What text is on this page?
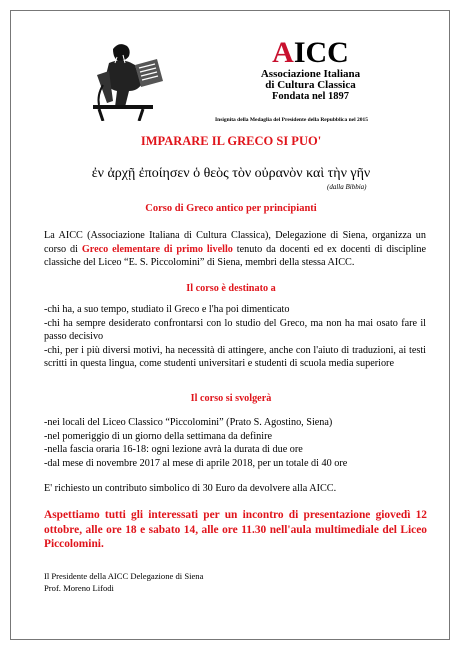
AICC
Associazione Italiana
di Cultura Classica
Fondata nel 1897
Insignita della Medaglia del Presidente della Repubblica nel 2015
IMPARARE IL GRECO SI PUO'
ἐν ἀρχῇ ἐποίησεν ὁ θεὸς τὸν οὐρανὸν καὶ τὴν γῆν
(dalla Bibbia)
Corso di Greco antico per principianti
La AICC (Associazione Italiana di Cultura Classica), Delegazione di Siena, organizza un corso di Greco elementare di primo livello tenuto da docenti ed ex docenti di discipline classiche del Liceo “E. S. Piccolomini” di Siena, membri della stessa AICC.
Il corso è destinato a
-chi ha, a suo tempo, studiato il Greco e l'ha poi dimenticato
-chi ha sempre desiderato confrontarsi con lo studio del Greco, ma non ha mai osato fare il passo decisivo
-chi, per i più diversi motivi, ha necessità di attingere, anche con l'aiuto di traduzioni, ai testi scritti in questa lingua, come studenti universitari e studenti di scuola media superiore
Il corso si svolgerà
-nei locali del Liceo Classico “Piccolomini” (Prato S. Agostino, Siena)
-nel pomeriggio di un giorno della settimana da definire
-nella fascia oraria 16-18: ogni lezione avrà la durata di due ore
-dal mese di novembre 2017 al mese di aprile 2018, per un totale di 40 ore
E' richiesto un contributo simbolico di 30 Euro da devolvere alla AICC.
Aspettiamo tutti gli interessati per un incontro di presentazione giovedì 12 ottobre, alle ore 18 e sabato 14, alle ore 11.30 nell'aula multimediale del Liceo Piccolomini.
Il Presidente della AICC Delegazione di Siena
Prof. Moreno Lifodi
